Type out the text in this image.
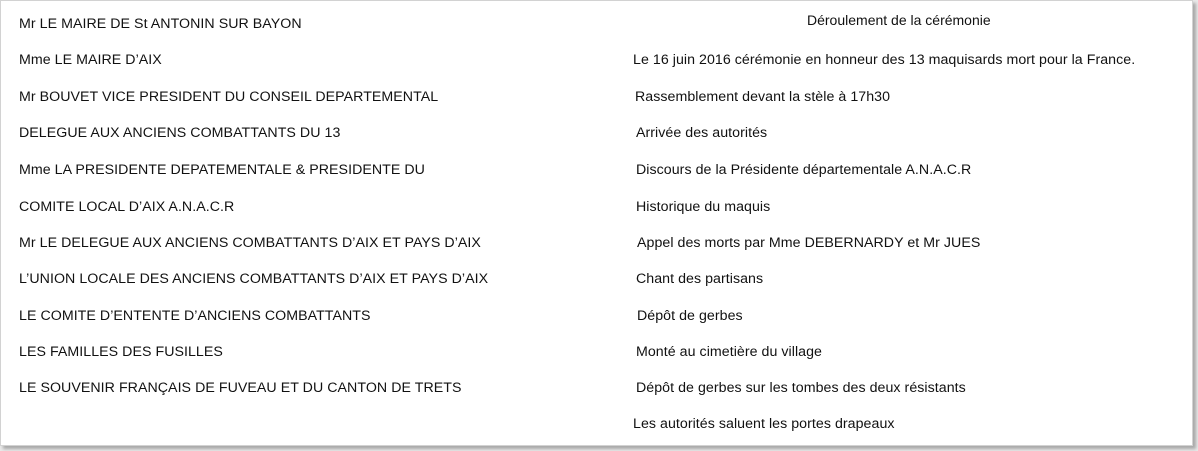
Mr LE MAIRE DE St ANTONIN SUR BAYON
Mme LE MAIRE D’AIX
Mr BOUVET VICE PRESIDENT DU CONSEIL DEPARTEMENTAL
DELEGUE AUX ANCIENS COMBATTANTS DU 13
Mme LA PRESIDENTE DEPATEMENTALE & PRESIDENTE DU
COMITE LOCAL D’AIX A.N.A.C.R
Mr LE DELEGUE AUX ANCIENS COMBATTANTS D’AIX ET PAYS D’AIX
L’UNION LOCALE DES ANCIENS COMBATTANTS D’AIX ET PAYS D’AIX
LE COMITE D’ENTENTE D’ANCIENS COMBATTANTS
LES FAMILLES DES FUSILLES
LE SOUVENIR FRANÇAIS DE FUVEAU ET DU CANTON DE TRETS
Déroulement de la cérémonie
Le 16 juin 2016 cérémonie en honneur des 13 maquisards mort pour la France.
Rassemblement devant la stèle à 17h30
Arrivée des autorités
Discours de la Présidente départementale A.N.A.C.R
Historique du maquis
Appel des morts par Mme DEBERNARDY et Mr JUES
Chant des partisans
Dépôt de gerbes
Monté au cimetière du village
Dépôt de gerbes sur les tombes des deux résistants
Les autorités saluent les portes drapeaux
